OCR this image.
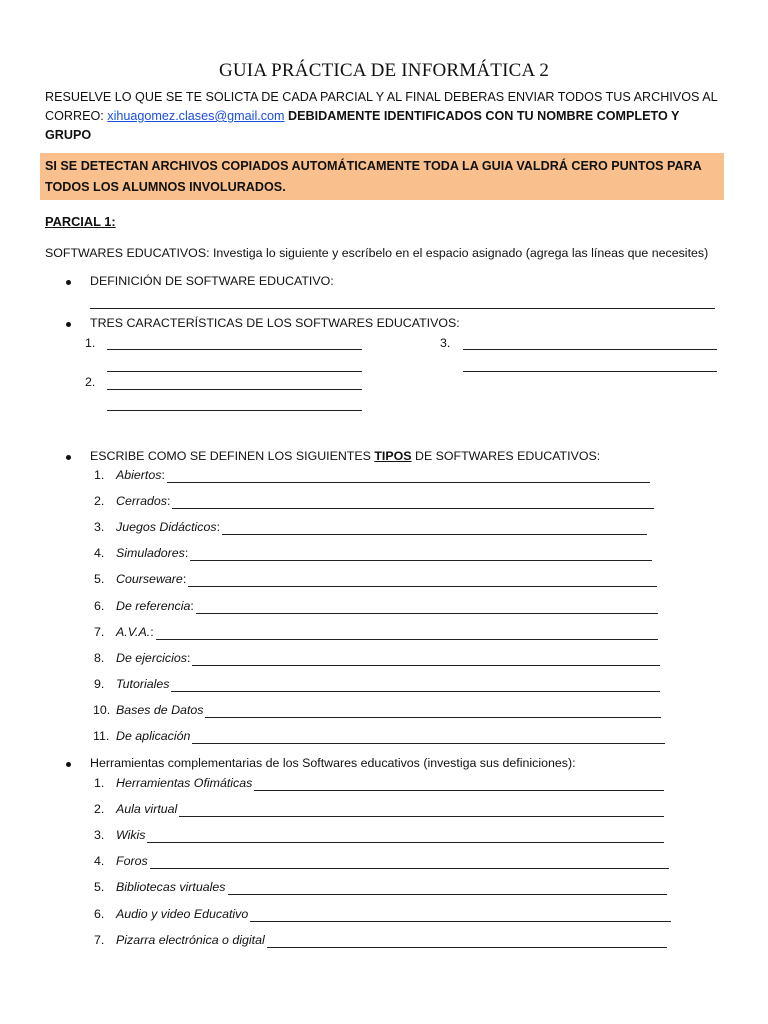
GUIA PRÁCTICA DE INFORMÁTICA 2
RESUELVE LO QUE SE TE SOLICTA DE CADA PARCIAL Y AL FINAL DEBERAS ENVIAR TODOS TUS ARCHIVOS AL
CORREO: xihuagomez.clases@gmail.com DEBIDAMENTE IDENTIFICADOS CON TU NOMBRE COMPLETO Y
GRUPO
SI SE DETECTAN ARCHIVOS COPIADOS AUTOMÁTICAMENTE TODA LA GUIA VALDRÁ CERO PUNTOS PARA
TODOS LOS ALUMNOS INVOLURADOS.
PARCIAL 1:
SOFTWARES EDUCATIVOS: Investiga lo siguiente y escríbelo en el espacio asignado (agrega las líneas que necesites)
DEFINICIÓN DE SOFTWARE EDUCATIVO:
TRES CARACTERÍSTICAS DE LOS SOFTWARES EDUCATIVOS:
1.
2.
3.
ESCRIBE COMO SE DEFINEN LOS SIGUIENTES TIPOS DE SOFTWARES EDUCATIVOS:
1. Abiertos:
2. Cerrados:
3. Juegos Didácticos:
4. Simuladores:
5. Courseware:
6. De referencia:
7. A.V.A.:
8. De ejercicios:
9. Tutoriales
10. Bases de Datos
11. De aplicación
Herramientas complementarias de los Softwares educativos (investiga sus definiciones):
1. Herramientas Ofimáticas
2. Aula virtual
3. Wikis
4. Foros
5. Bibliotecas virtuales
6. Audio y video Educativo
7. Pizarra electrónica o digital
